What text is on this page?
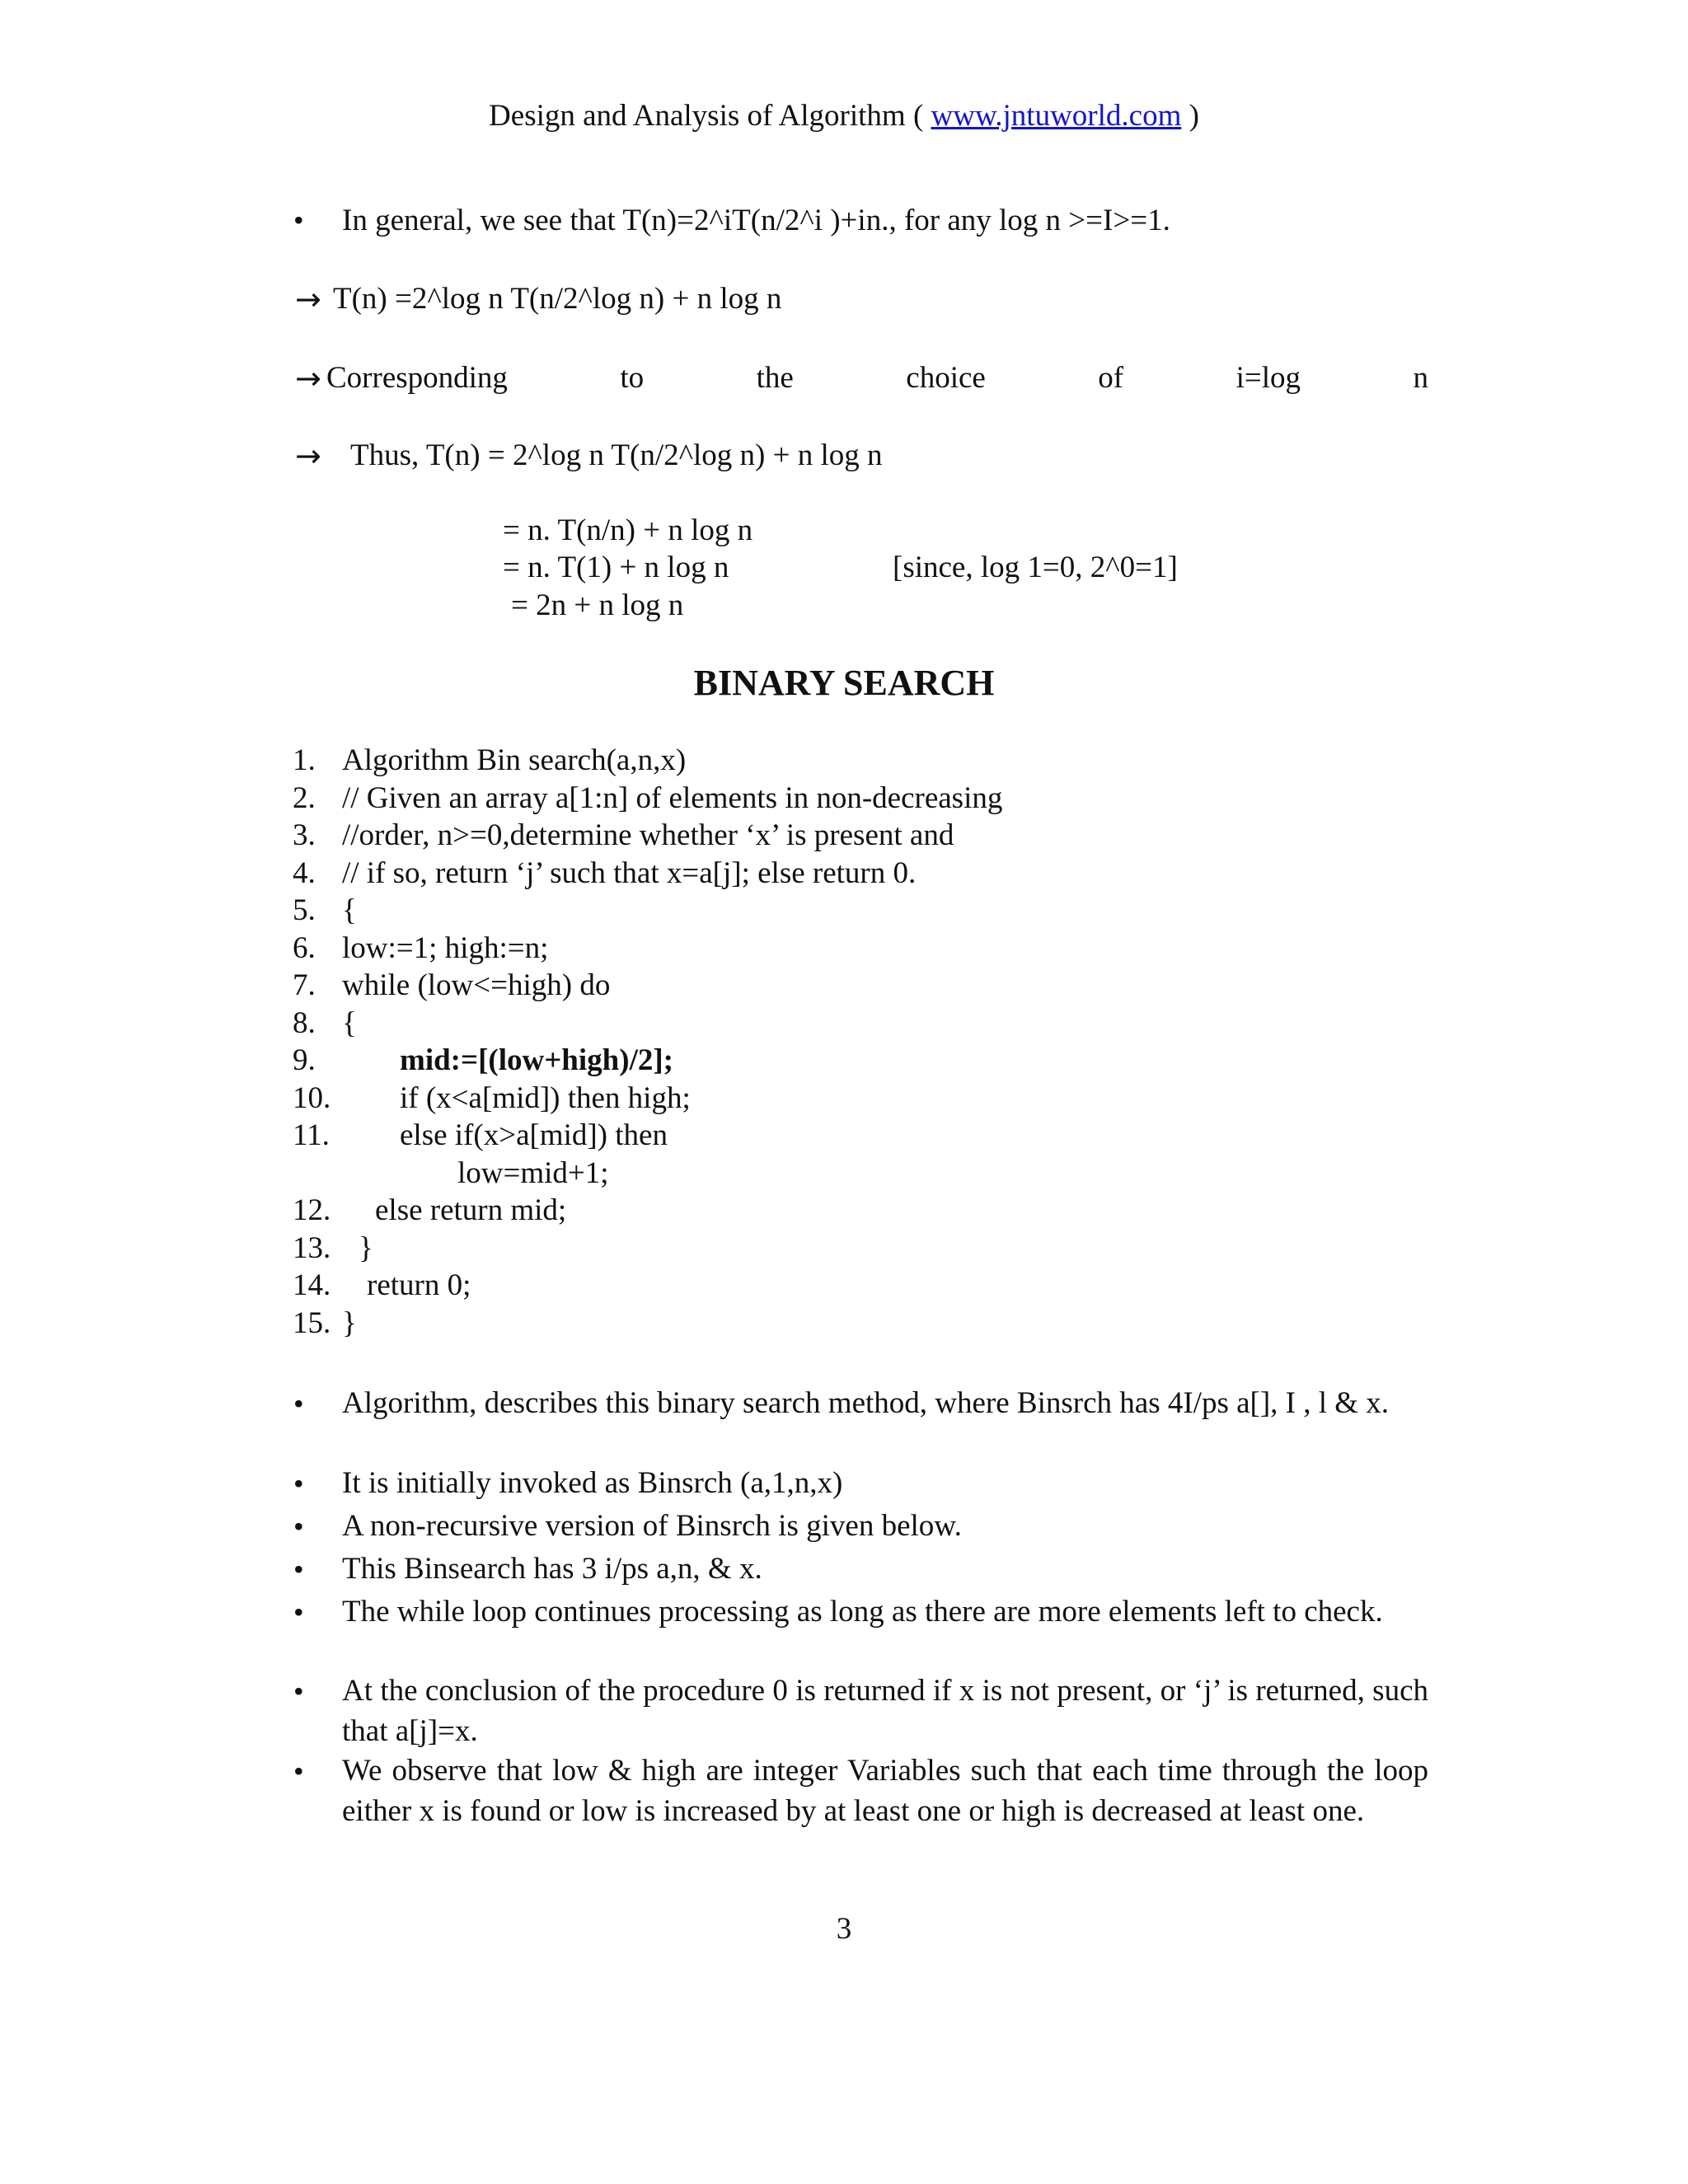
Design and Analysis of Algorithm ( www.jntuworld.com )
• In general, we see that T(n)=2^iT(n/2^i )+in., for any log n >=I>=1.
→ T(n) =2^log n T(n/2^log n) + n log n
→ Corresponding	to	the	choice	of	i=log	n
→ Thus, T(n) = 2^log n T(n/2^log n) + n log n
= n. T(n/n) + n log n
= n. T(1) + n log n	[since, log 1=0, 2^0=1]
= 2n + n log n
BINARY SEARCH
1. Algorithm Bin search(a,n,x)
2. // Given an array a[1:n] of elements in non-decreasing
3. //order, n>=0,determine whether ‘x’ is present and
4. // if so, return ‘j’ such that x=a[j]; else return 0.
5. {
6. low:=1; high:=n;
7. while (low<=high) do
8. {
9.	mid:=[(low+high)/2];
10. if (x<a[mid]) then high;
11. else if(x>a[mid]) then
low=mid+1;
12. else return mid;
13. }
14. return 0;
15. }
• Algorithm, describes this binary search method, where Binsrch has 4I/ps a[], I , l & x.
• It is initially invoked as Binsrch (a,1,n,x)
• A non-recursive version of Binsrch is given below.
• This Binsearch has 3 i/ps a,n, & x.
• The while loop continues processing as long as there are more elements left to check.
• At the conclusion of the procedure 0 is returned if x is not present, or ‘j’ is returned, such that a[j]=x.
• We observe that low & high are integer Variables such that each time through the loop either x is found or low is increased by at least one or high is decreased at least one.
3
